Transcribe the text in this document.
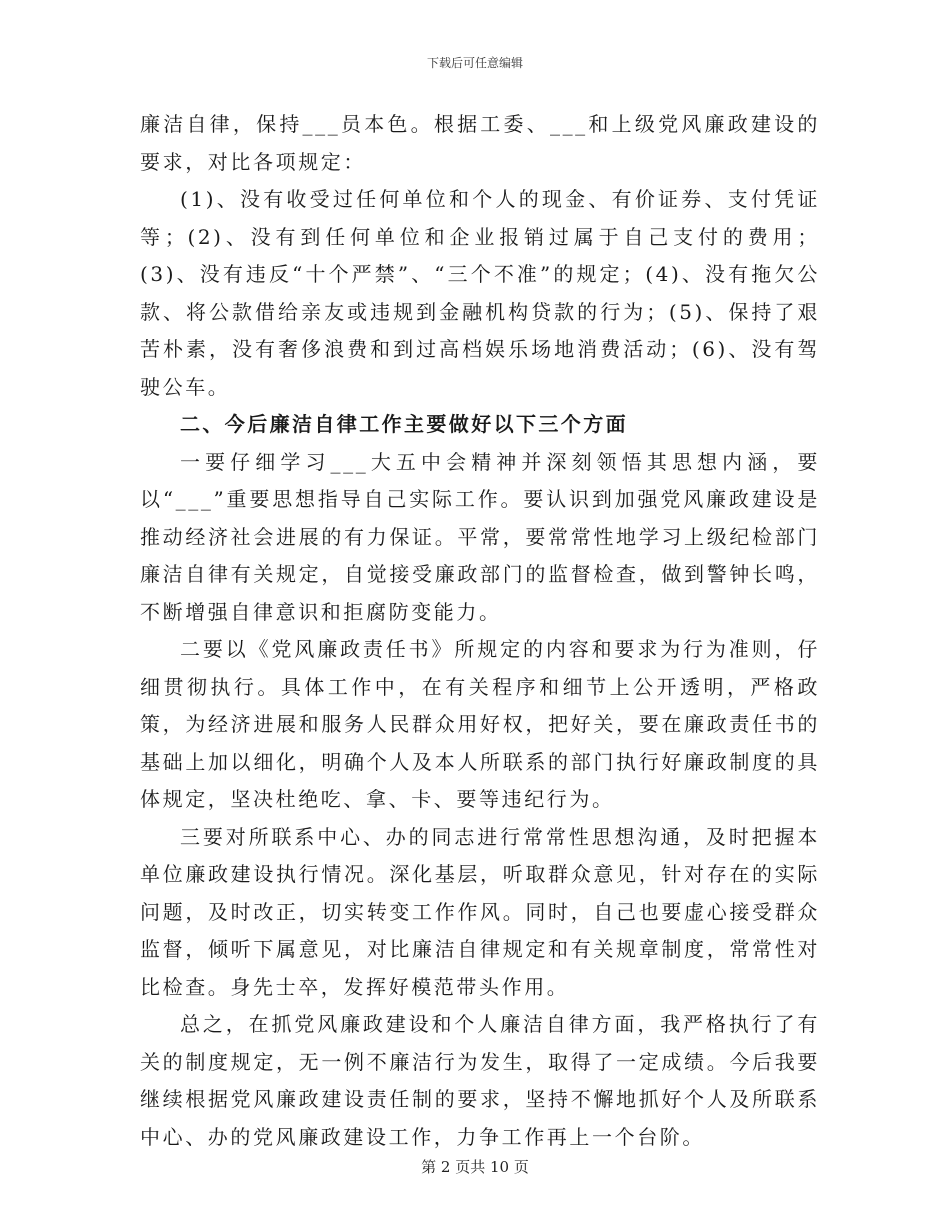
下载后可任意编辑

廉洁自律，保持___员本色。根据工委、___和上级党风廉政建设的要求，对比各项规定：

(1)、没有收受过任何单位和个人的现金、有价证券、支付凭证等；(2)、没有到任何单位和企业报销过属于自己支付的费用；(3)、没有违反“十个严禁”、“三个不准”的规定；(4)、没有拖欠公款、将公款借给亲友或违规到金融机构贷款的行为；(5)、保持了艰苦朴素，没有奢侈浪费和到过高档娱乐场地消费活动；(6)、没有驾驶公车。

二、今后廉洁自律工作主要做好以下三个方面

一要仔细学习___大五中会精神并深刻领悟其思想内涵，要以“___”重要思想指导自己实际工作。要认识到加强党风廉政建设是推动经济社会进展的有力保证。平常，要常常性地学习上级纪检部门廉洁自律有关规定，自觉接受廉政部门的监督检查，做到警钟长鸣，不断增强自律意识和拒腐防变能力。

二要以《党风廉政责任书》所规定的内容和要求为行为准则，仔细贯彻执行。具体工作中，在有关程序和细节上公开透明，严格政策，为经济进展和服务人民群众用好权，把好关，要在廉政责任书的基础上加以细化，明确个人及本人所联系的部门执行好廉政制度的具体规定，坚决杜绝吃、拿、卡、要等违纪行为。

三要对所联系中心、办的同志进行常常性思想沟通，及时把握本单位廉政建设执行情况。深化基层，听取群众意见，针对存在的实际问题，及时改正，切实转变工作作风。同时，自己也要虚心接受群众监督，倾听下属意见，对比廉洁自律规定和有关规章制度，常常性对比检查。身先士卒，发挥好模范带头作用。

总之，在抓党风廉政建设和个人廉洁自律方面，我严格执行了有关的制度规定，无一例不廉洁行为发生，取得了一定成绩。今后我要继续根据党风廉政建设责任制的要求，坚持不懈地抓好个人及所联系中心、办的党风廉政建设工作，力争工作再上一个台阶。

第 2 页共 10 页
